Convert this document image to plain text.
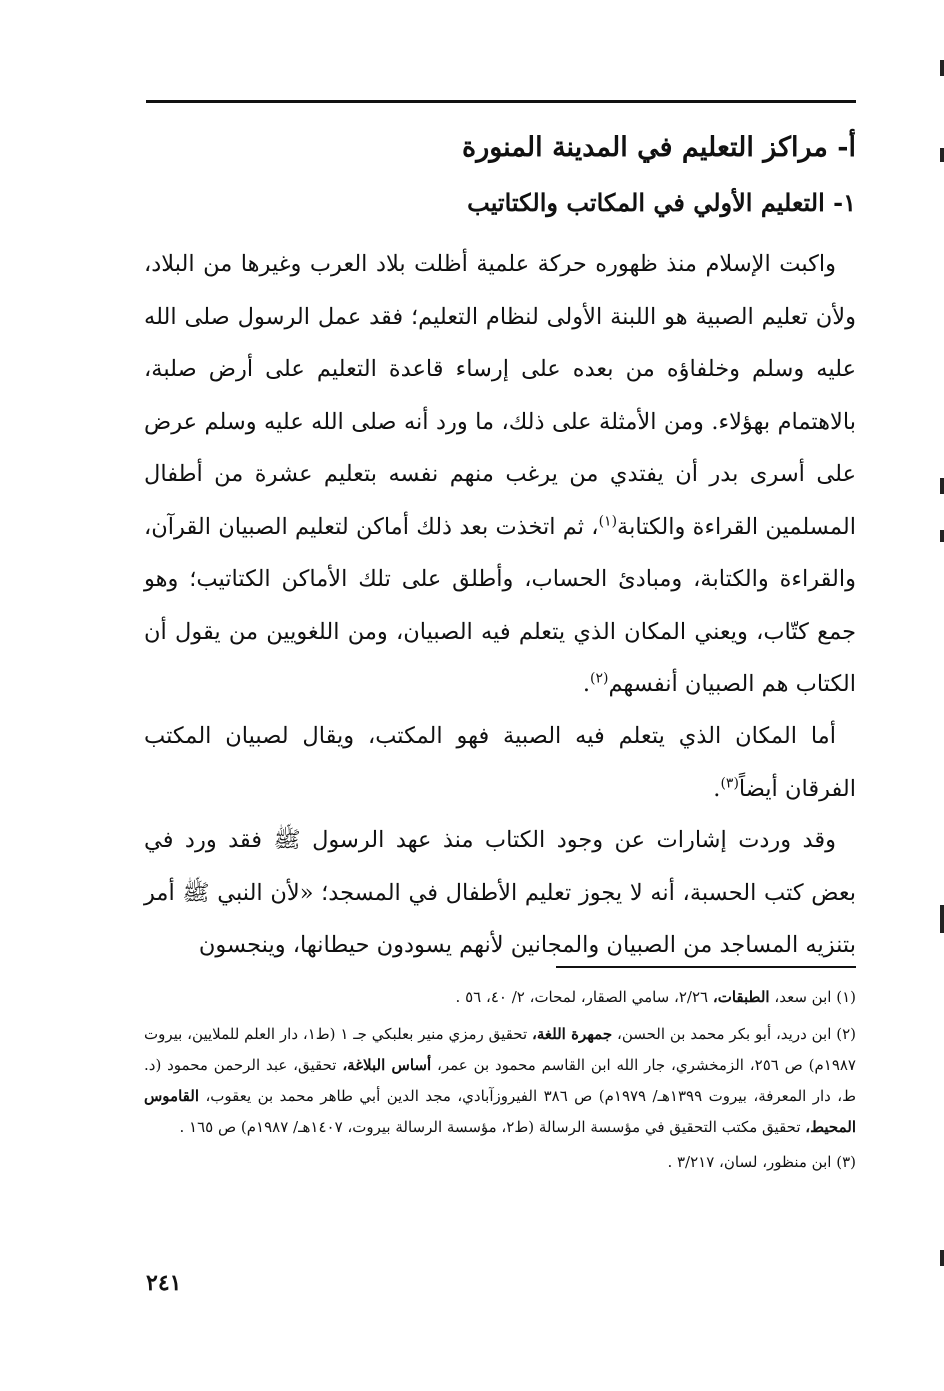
أ- مراكز التعليم في المدينة المنورة
١- التعليم الأولي في المكاتب والكتاتيب

واكبت الإسلام منذ ظهوره حركة علمية أظلت بلاد العرب وغيرها من البلاد، ولأن تعليم الصبية هو اللبنة الأولى لنظام التعليم؛ فقد عمل الرسول صلى الله عليه وسلم وخلفاؤه من بعده على إرساء قاعدة التعليم على أرض صلبة، بالاهتمام بهؤلاء. ومن الأمثلة على ذلك، ما ورد أنه صلى الله عليه وسلم عرض على أسرى بدر أن يفتدي من يرغب منهم نفسه بتعليم عشرة من أطفال المسلمين القراءة والكتابة$^{(١)}$، ثم اتخذت بعد ذلك أماكن لتعليم الصبيان القرآن، والقراءة والكتابة، ومبادئ الحساب، وأطلق على تلك الأماكن الكتاتيب؛ وهو جمع كتّاب، ويعني المكان الذي يتعلم فيه الصبيان، ومن اللغويين من يقول أن الكتاب هم الصبيان أنفسهم$^{(٢)}$.

أما المكان الذي يتعلم فيه الصبية فهو المكتب، ويقال لصبيان المكتب الفرقان أيضاً$^{(٣)}$.

وقد وردت إشارات عن وجود الكتاب منذ عهد الرسول ﷺ فقد ورد في بعض كتب الحسبة، أنه لا يجوز تعليم الأطفال في المسجد؛ «لأن النبي ﷺ أمر بتنزيه المساجد من الصبيان والمجانين لأنهم يسودون حيطانها، وينجسون

(١) ابن سعد، الطبقات، ٢/٢٦، سامي الصقار، لمحات، ٢/ ٤٠، ٥٦ .

(٢) ابن دريد، أبو بكر محمد بن الحسن، جمهرة اللغة، تحقيق رمزي منير بعلبكي جـ ١ (ط١، دار العلم للملايين، بيروت ١٩٨٧م) ص ٢٥٦، الزمخشري، جار الله ابن القاسم محمود بن عمر، أساس البلاغة، تحقيق، عبد الرحمن محمود (د. ط، دار المعرفة، بيروت ١٣٩٩هـ/ ١٩٧٩م) ص ٣٨٦ الفيروزآبادي، مجد الدين أبي طاهر محمد بن يعقوب، القاموس المحيط، تحقيق مكتب التحقيق في مؤسسة الرسالة (ط٢، مؤسسة الرسالة بيروت، ١٤٠٧هـ/ ١٩٨٧م) ص ١٦٥ .

(٣) ابن منظور، لسان، ٣/٢١٧ .

٢٤١
